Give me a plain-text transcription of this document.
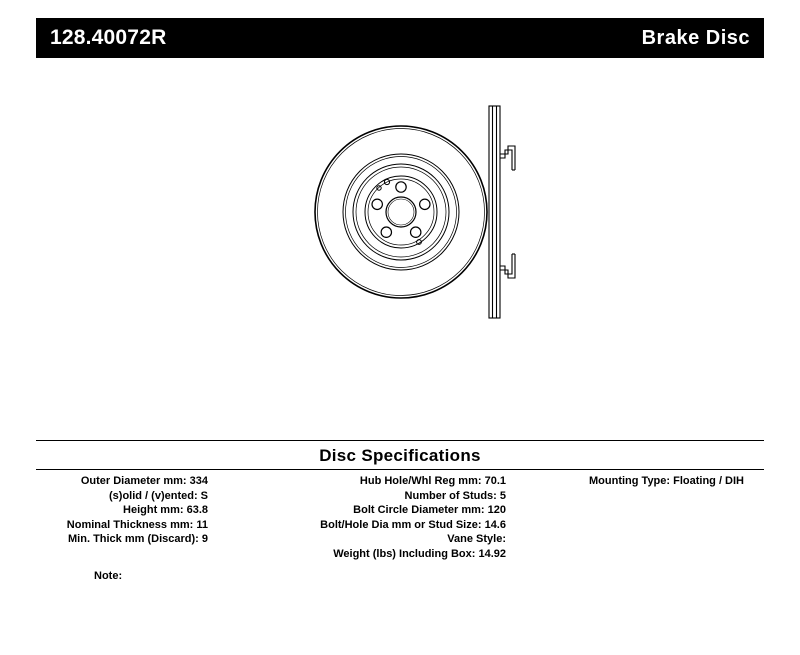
128.40072R	Brake Disc
Disc Specifications
Outer Diameter mm: 334
(s)olid / (v)ented: S
Height mm: 63.8
Nominal Thickness mm: 11
Min. Thick mm (Discard): 9
Hub Hole/Whl Reg mm: 70.1
Number of Studs: 5
Bolt Circle Diameter mm: 120
Bolt/Hole Dia mm or Stud Size: 14.6
Vane Style:
Weight (lbs) Including Box: 14.92
Mounting Type: Floating / DIH
Note:
